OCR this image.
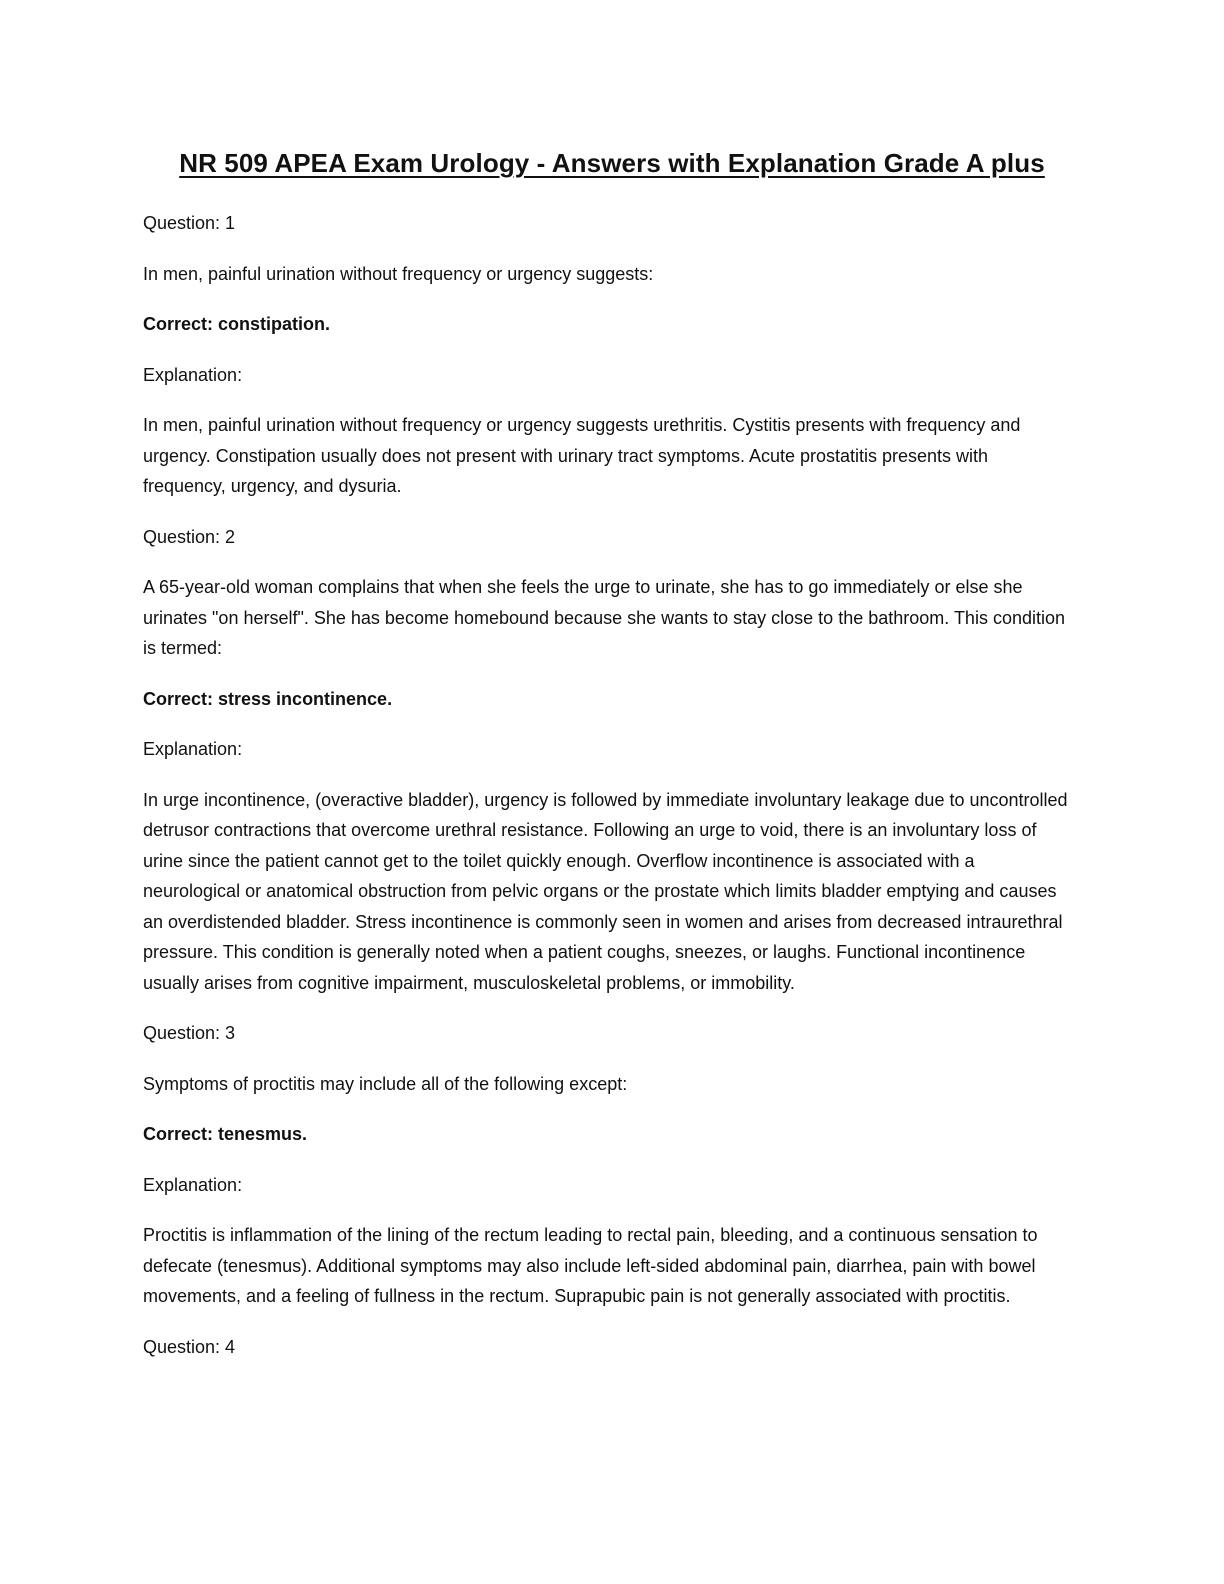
NR 509 APEA Exam Urology - Answers with Explanation Grade A plus

Question: 1

In men, painful urination without frequency or urgency suggests:

Correct: constipation.

Explanation:

In men, painful urination without frequency or urgency suggests urethritis. Cystitis presents with frequency and urgency. Constipation usually does not present with urinary tract symptoms. Acute prostatitis presents with frequency, urgency, and dysuria.

Question: 2

A 65-year-old woman complains that when she feels the urge to urinate, she has to go immediately or else she urinates "on herself". She has become homebound because she wants to stay close to the bathroom. This condition is termed:

Correct: stress incontinence.

Explanation:

In urge incontinence, (overactive bladder), urgency is followed by immediate involuntary leakage due to uncontrolled detrusor contractions that overcome urethral resistance. Following an urge to void, there is an involuntary loss of urine since the patient cannot get to the toilet quickly enough. Overflow incontinence is associated with a neurological or anatomical obstruction from pelvic organs or the prostate which limits bladder emptying and causes an overdistended bladder. Stress incontinence is commonly seen in women and arises from decreased intraurethral pressure. This condition is generally noted when a patient coughs, sneezes, or laughs. Functional incontinence usually arises from cognitive impairment, musculoskeletal problems, or immobility.

Question: 3

Symptoms of proctitis may include all of the following except:

Correct: tenesmus.

Explanation:

Proctitis is inflammation of the lining of the rectum leading to rectal pain, bleeding, and a continuous sensation to defecate (tenesmus). Additional symptoms may also include left-sided abdominal pain, diarrhea, pain with bowel movements, and a feeling of fullness in the rectum. Suprapubic pain is not generally associated with proctitis.

Question: 4
